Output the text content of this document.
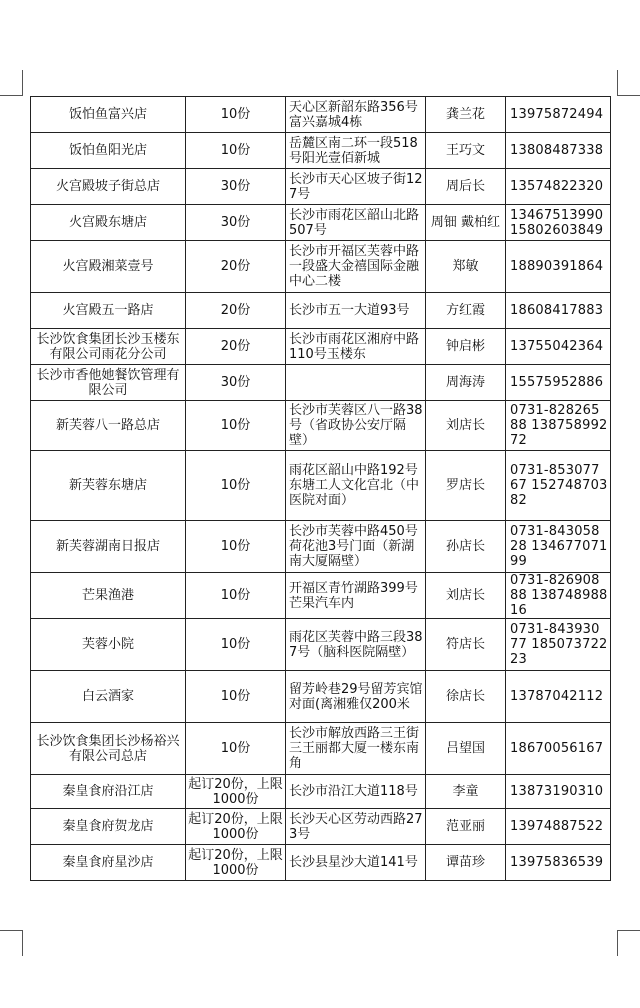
饭怕鱼富兴店	10份	天心区新韶东路356号富兴嘉城4栋	龚兰花	13975872494
饭怕鱼阳光店	10份	岳麓区南二环一段518号阳光壹佰新城	王巧文	13808487338
火宫殿坡子街总店	30份	长沙市天心区坡子街127号	周后长	13574822320
火宫殿东塘店	30份	长沙市雨花区韶山北路507号	周钿 戴柏红	13467513990 15802603849
火宫殿湘菜壹号	20份	长沙市开福区芙蓉中路一段盛大金禧国际金融中心二楼	郑敏	18890391864
火宫殿五一路店	20份	长沙市五一大道93号	方红霞	18608417883
长沙饮食集团长沙玉楼东有限公司雨花分公司	20份	长沙市雨花区湘府中路110号玉楼东	钟启彬	13755042364
长沙市香他她餐饮管理有限公司	30份		周海涛	15575952886
新芙蓉八一路总店	10份	长沙市芙蓉区八一路38号（省政协公安厅隔壁）	刘店长	0731-82826588 13875899272
新芙蓉东塘店	10份	雨花区韶山中路192号东塘工人文化宫北（中医院对面）	罗店长	0731-85307767 15274870382
新芙蓉湖南日报店	10份	长沙市芙蓉中路450号荷花池3号门面（新湖南大厦隔壁）	孙店长	0731-84305828 13467707199
芒果渔港	10份	开福区青竹湖路399号芒果汽车内	刘店长	0731-82690888 13874898816
芙蓉小院	10份	雨花区芙蓉中路三段387号（脑科医院隔壁）	符店长	0731-84393077 18507372223
白云酒家	10份	留芳岭巷29号留芳宾馆对面(离湘雅仅200米	徐店长	13787042112
长沙饮食集团长沙杨裕兴有限公司总店	10份	长沙市解放西路三王街三王丽都大厦一楼东南角	吕望国	18670056167
秦皇食府沿江店	起订20份，上限1000份	长沙市沿江大道118号	李童	13873190310
秦皇食府贺龙店	起订20份，上限1000份	长沙天心区劳动西路273号	范亚丽	13974887522
秦皇食府星沙店	起订20份，上限1000份	长沙县星沙大道141号	谭苗珍	13975836539
